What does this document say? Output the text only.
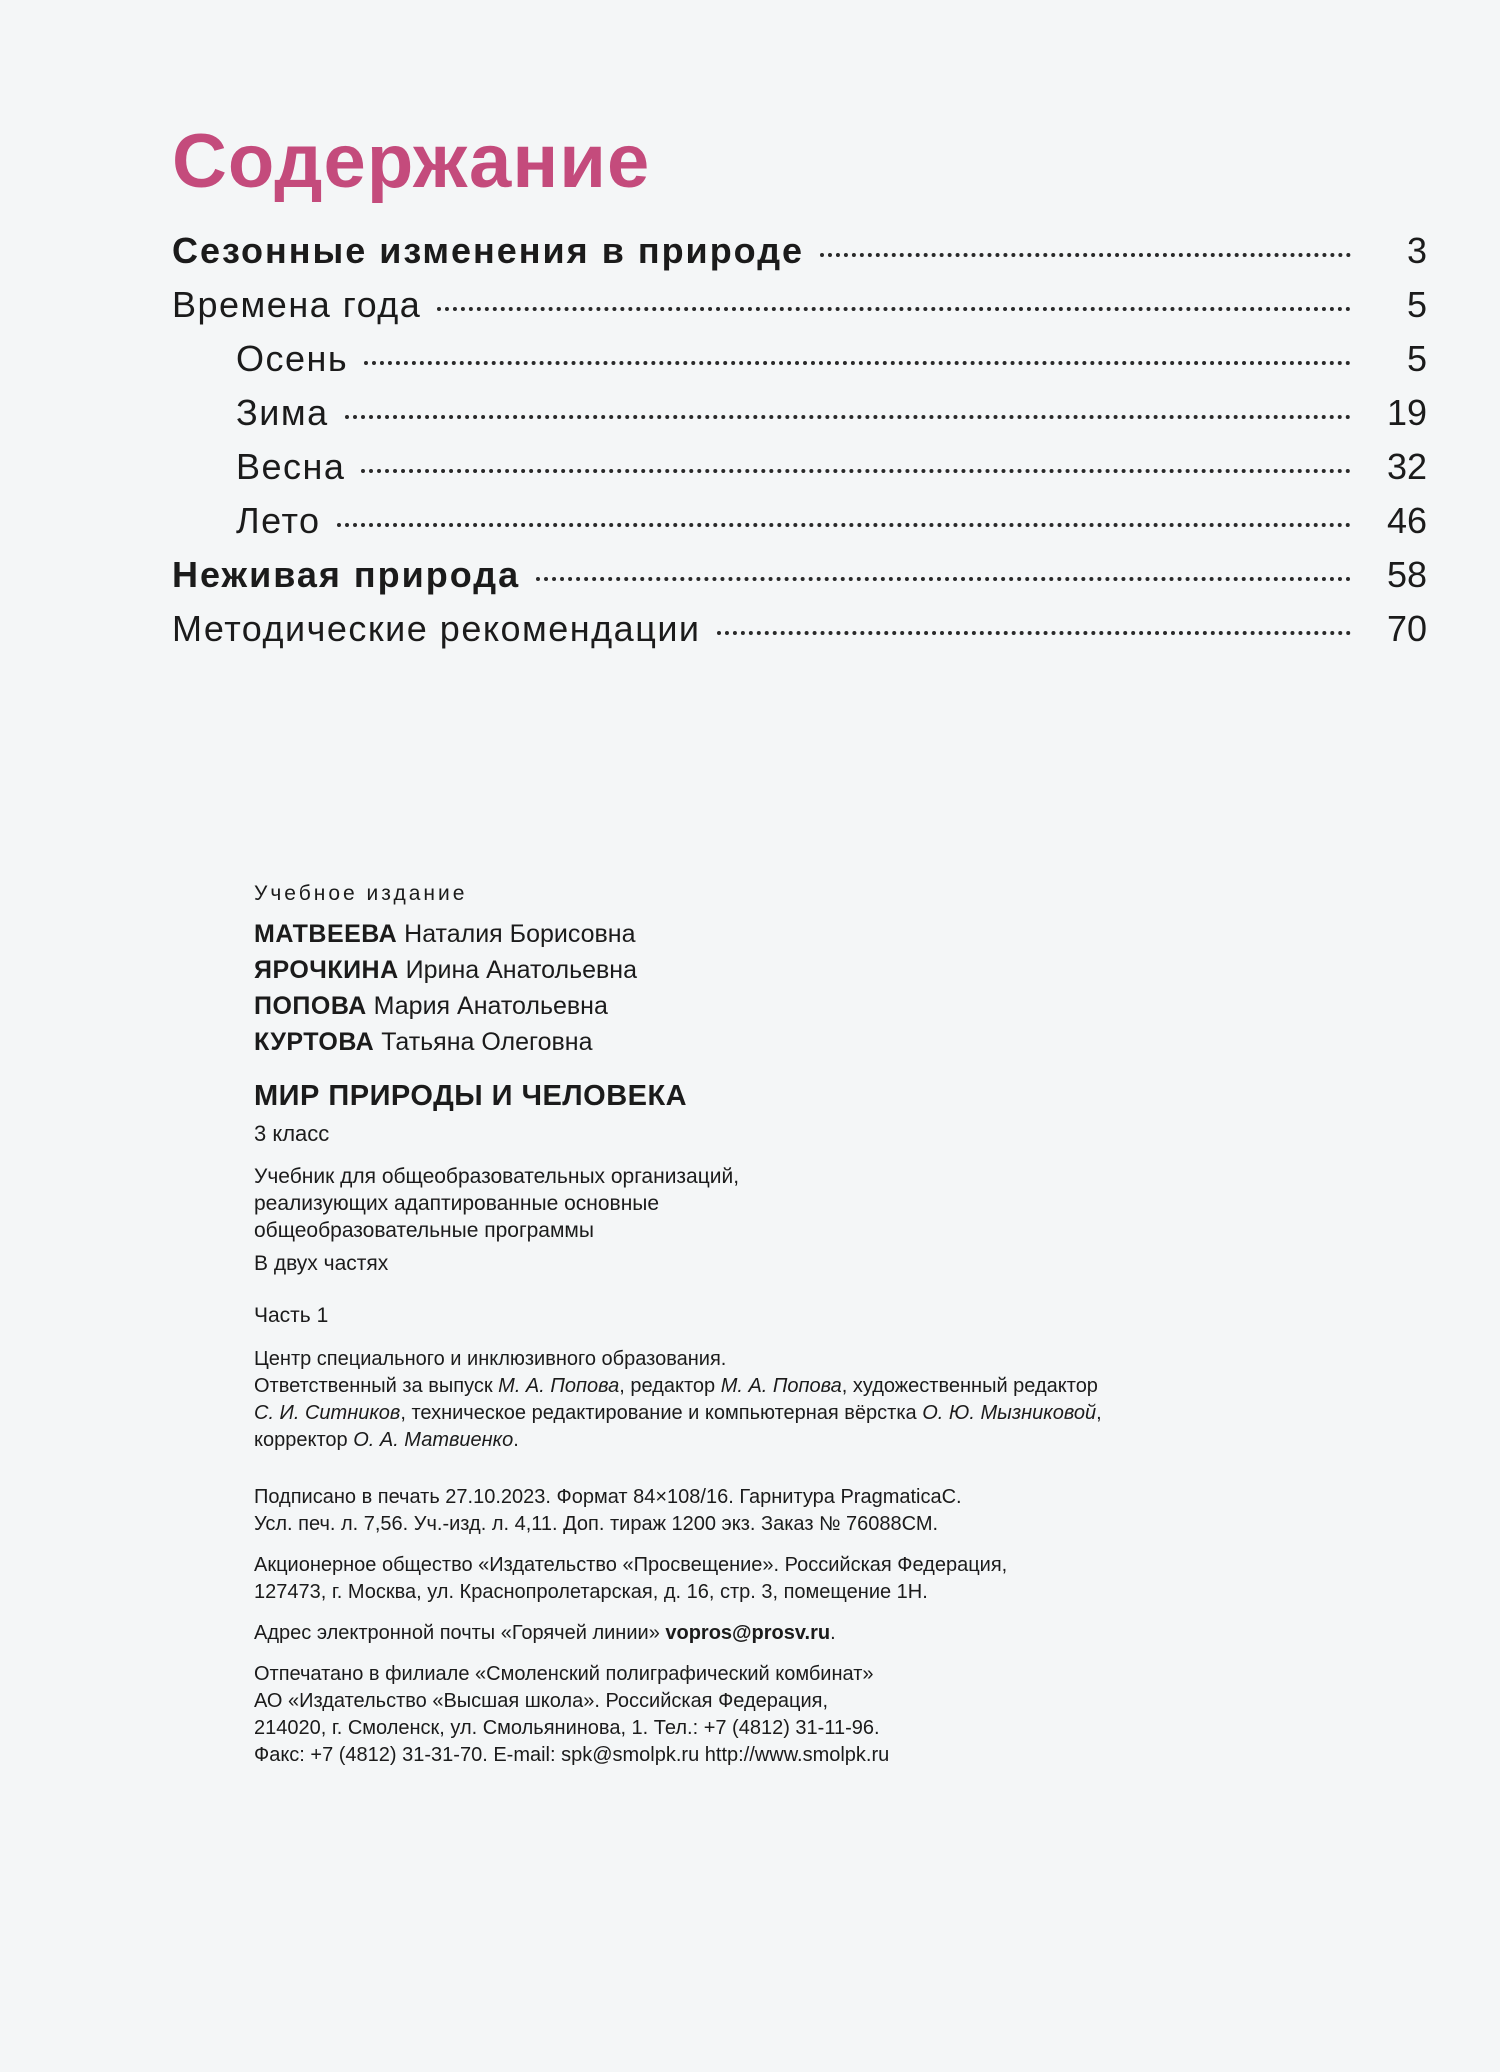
Содержание
Сезонные изменения в природе	3
Времена года	5
Осень	5
Зима	19
Весна	32
Лето	46
Неживая природа	58
Методические рекомендации	70
Учебное издание
МАТВЕЕВА Наталия Борисовна
ЯРОЧКИНА Ирина Анатольевна
ПОПОВА Мария Анатольевна
КУРТОВА Татьяна Олеговна
МИР ПРИРОДЫ И ЧЕЛОВЕКА
3 класс
Учебник для общеобразовательных организаций,
реализующих адаптированные основные
общеобразовательные программы
В двух частях
Часть 1
Центр специального и инклюзивного образования.
Ответственный за выпуск М. А. Попова, редактор М. А. Попова, художественный редактор
С. И. Ситников, техническое редактирование и компьютерная вёрстка О. Ю. Мызниковой,
корректор О. А. Матвиенко.
Подписано в печать 27.10.2023. Формат 84×108/16. Гарнитура PragmaticaC.
Усл. печ. л. 7,56. Уч.-изд. л. 4,11. Доп. тираж 1200 экз. Заказ № 76088СМ.
Акционерное общество «Издательство «Просвещение». Российская Федерация,
127473, г. Москва, ул. Краснопролетарская, д. 16, стр. 3, помещение 1Н.
Адрес электронной почты «Горячей линии» vopros@prosv.ru.
Отпечатано в филиале «Смоленский полиграфический комбинат»
АО «Издательство «Высшая школа». Российская Федерация,
214020, г. Смоленск, ул. Смольянинова, 1. Тел.: +7 (4812) 31-11-96.
Факс: +7 (4812) 31-31-70. E-mail: spk@smolpk.ru http://www.smolpk.ru
